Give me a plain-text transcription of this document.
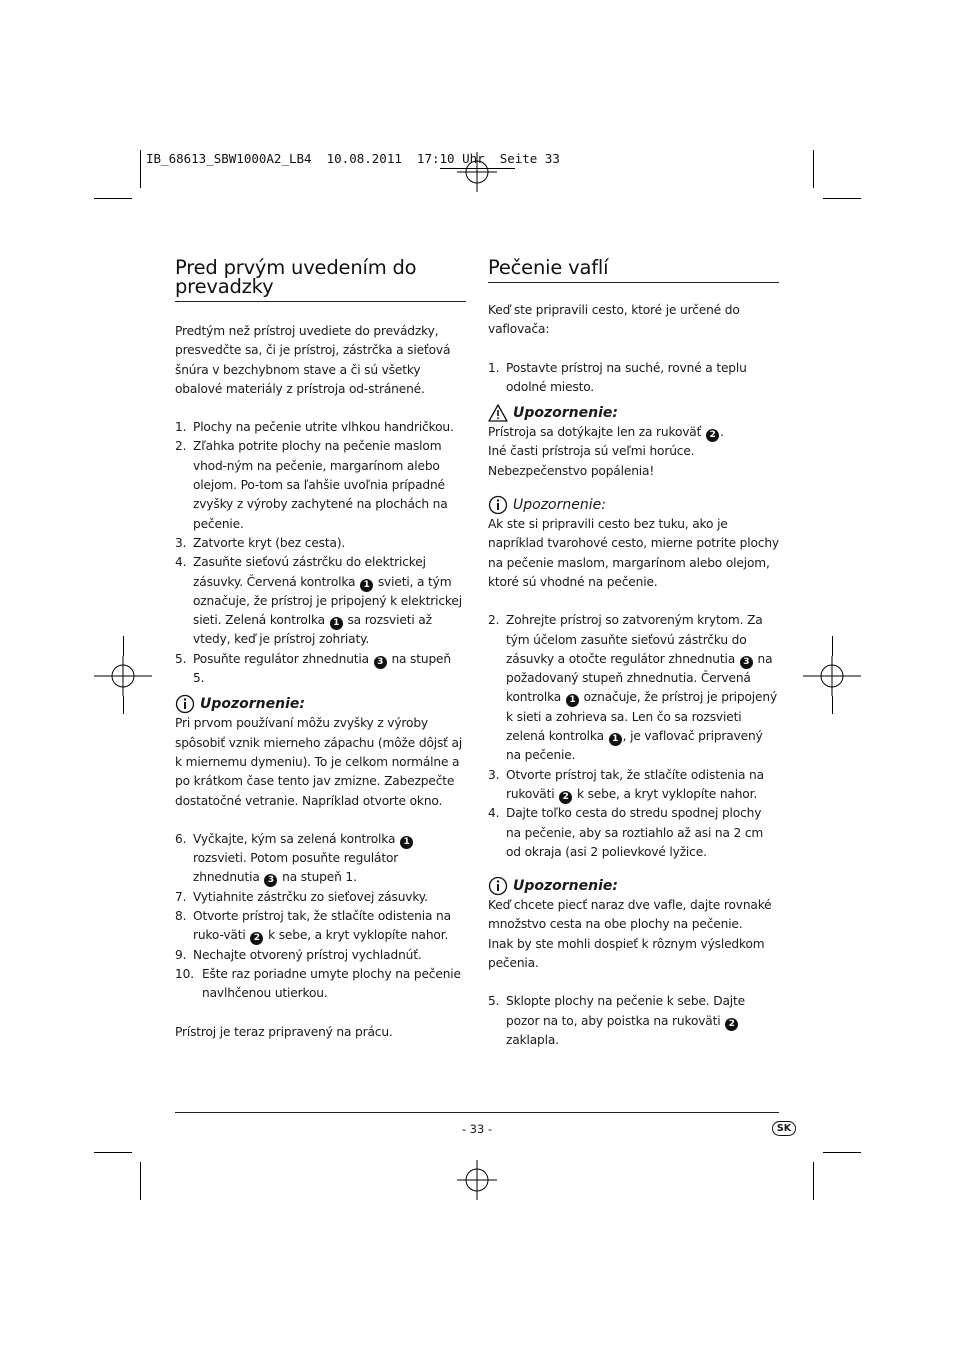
IB_68613_SBW1000A2_LB4  10.08.2011  17:10 Uhr  Seite 33
Pred prvým uvedením do prevadzky

Predtým než prístroj uvediete do prevádzky, presvedčte sa, či je prístroj, zástrčka a sieťová šnúra v bezchybnom stave a či sú všetky obalové materiály z prístroja od-stránené.

1. Plochy na pečenie utrite vlhkou handričkou.
2. Zľahka potrite plochy na pečenie maslom vhod-ným na pečenie, margarínom alebo olejom. Po-tom sa ľahšie uvoľnia prípadné zvyšky z výroby zachytené na plochách na pečenie.
3. Zatvorte kryt (bez cesta).
4. Zasuňte sieťovú zástrčku do elektrickej zásuvky. Červená kontrolka 1 svieti, a tým označuje, že prístroj je pripojený k elektrickej sieti. Zelená kontrolka 1 sa rozsvieti až vtedy, keď je prístroj zohriaty.
5. Posuňte regulátor zhnednutia 3 na stupeň 5.
Upozornenie:

Pri prvom používaní môžu zvyšky z výroby spôsobiť vznik mierneho zápachu (môže dôjsť aj k miernemu dymeniu). To je celkom normálne a po krátkom čase tento jav zmizne. Zabezpečte dostatočné vetranie. Napríklad otvorte okno.

6. Vyčkajte, kým sa zelená kontrolka 1 rozsvieti. Potom posuňte regulátor zhnednutia 3 na stupeň 1.
7. Vytiahnite zástrčku zo sieťovej zásuvky.
8. Otvorte prístroj tak, že stlačíte odistenia na ruko-väti 2 k sebe, a kryt vyklopíte nahor.
9. Nechajte otvorený prístroj vychladnúť.
10. Ešte raz poriadne umyte plochy na pečenie navlhčenou utierkou.

Prístroj je teraz pripravený na prácu.

Pečenie vaflí

Keď ste pripravili cesto, ktoré je určené do vaflovača:

1. Postavte prístroj na suché, rovné a teplu odolné miesto.
Upozornenie:

Prístroja sa dotýkajte len za rukoväť 2 .

Iné časti prístroja sú veľmi horúce. Nebezpečenstvo popálenia!

Upozornenie:

Ak ste si pripravili cesto bez tuku, ako je napríklad tvarohové cesto, mierne potrite plochy na pečenie maslom, margarínom alebo olejom, ktoré sú vhodné na pečenie.

2. Zohrejte prístroj so zatvoreným krytom. Za tým účelom zasuňte sieťovú zástrčku do zásuvky a otočte regulátor zhnednutia 3 na požadovaný stupeň zhnednutia. Červená kontrolka 1 označuje, že prístroj je pripojený k sieti a zohrieva sa. Len čo sa rozsvieti zelená kontrolka 1 , je vaflovač pripravený na pečenie.
3. Otvorte prístroj tak, že stlačíte odistenia na rukoväti 2 k sebe, a kryt vyklopíte nahor.
4. Dajte toľko cesta do stredu spodnej plochy na pečenie, aby sa roztiahlo až asi na 2 cm od okraja (asi 2 polievkové lyžice.
Upozornenie:

Keď chcete piecť naraz dve vafle, dajte rovnaké množstvo cesta na obe plochy na pečenie.

Inak by ste mohli dospieť k rôznym výsledkom pečenia.

5. Sklopte plochy na pečenie k sebe. Dajte pozor na to, aby poistka na rukoväti 2 zaklapla.
- 33 -	SK
